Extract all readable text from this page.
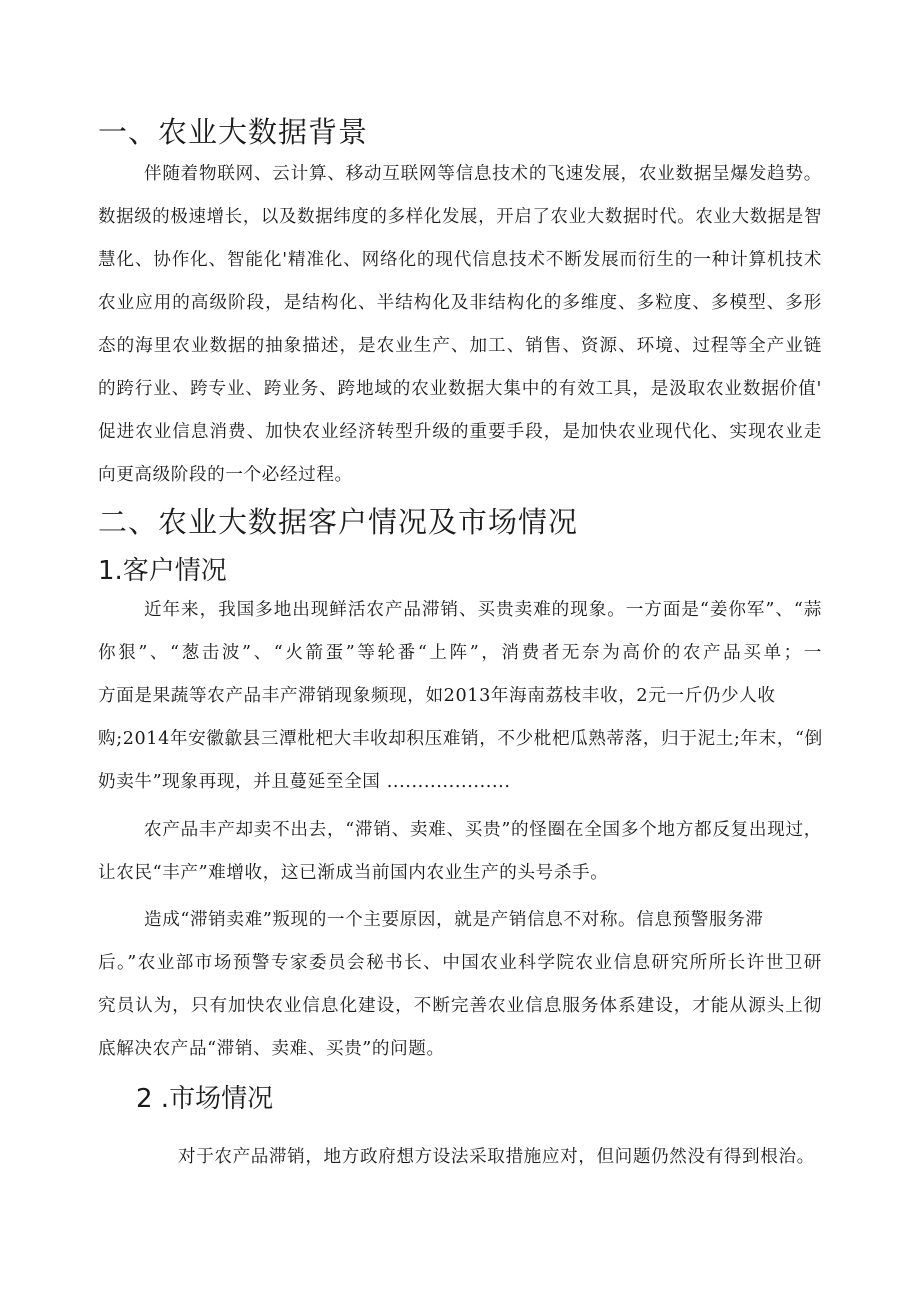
一、农业大数据背景
伴随着物联网、云计算、移动互联网等信息技术的飞速发展，农业数据呈爆发趋势。
数据级的极速增长，以及数据纬度的多样化发展，开启了农业大数据时代。农业大数据是智
慧化、协作化、智能化'精准化、网络化的现代信息技术不断发展而衍生的一种计算机技术
农业应用的高级阶段，是结构化、半结构化及非结构化的多维度、多粒度、多模型、多形
态的海里农业数据的抽象描述，是农业生产、加工、销售、资源、环境、过程等全产业链
的跨行业、跨专业、跨业务、跨地域的农业数据大集中的有效工具，是汲取农业数据价值'
促进农业信息消费、加快农业经济转型升级的重要手段，是加快农业现代化、实现农业走
向更高级阶段的一个必经过程。
二、农业大数据客户情况及市场情况
1.客户情况
近年来，我国多地出现鲜活农产品滞销、买贵卖难的现象。一方面是“姜你军”、“蒜
你狠”、“葱击波”、“火箭蛋”等轮番“上阵”，消费者无奈为高价的农产品买单；一
方面是果蔬等农产品丰产滞销现象频现，如2013年海南荔枝丰收，2元一斤仍少人收
购;2014年安徽歙县三潭枇杷大丰收却积压难销，不少枇杷瓜熟蒂落，归于泥土;年末，“倒
奶卖牛”现象再现，并且蔓延至全国 ....................
农产品丰产却卖不出去，“滞销、卖难、买贵”的怪圈在全国多个地方都反复出现过，
让农民“丰产”难增收，这已渐成当前国内农业生产的头号杀手。
造成“滞销卖难”叛现的一个主要原因，就是产销信息不对称。信息预警服务滞
后。”农业部市场预警专家委员会秘书长、中国农业科学院农业信息研究所所长许世卫研
究员认为，只有加快农业信息化建设，不断完善农业信息服务体系建设，才能从源头上彻
底解决农产品“滞销、卖难、买贵”的问题。
2 .市场情况
对于农产品滞销，地方政府想方设法采取措施应对，但问题仍然没有得到根治。
